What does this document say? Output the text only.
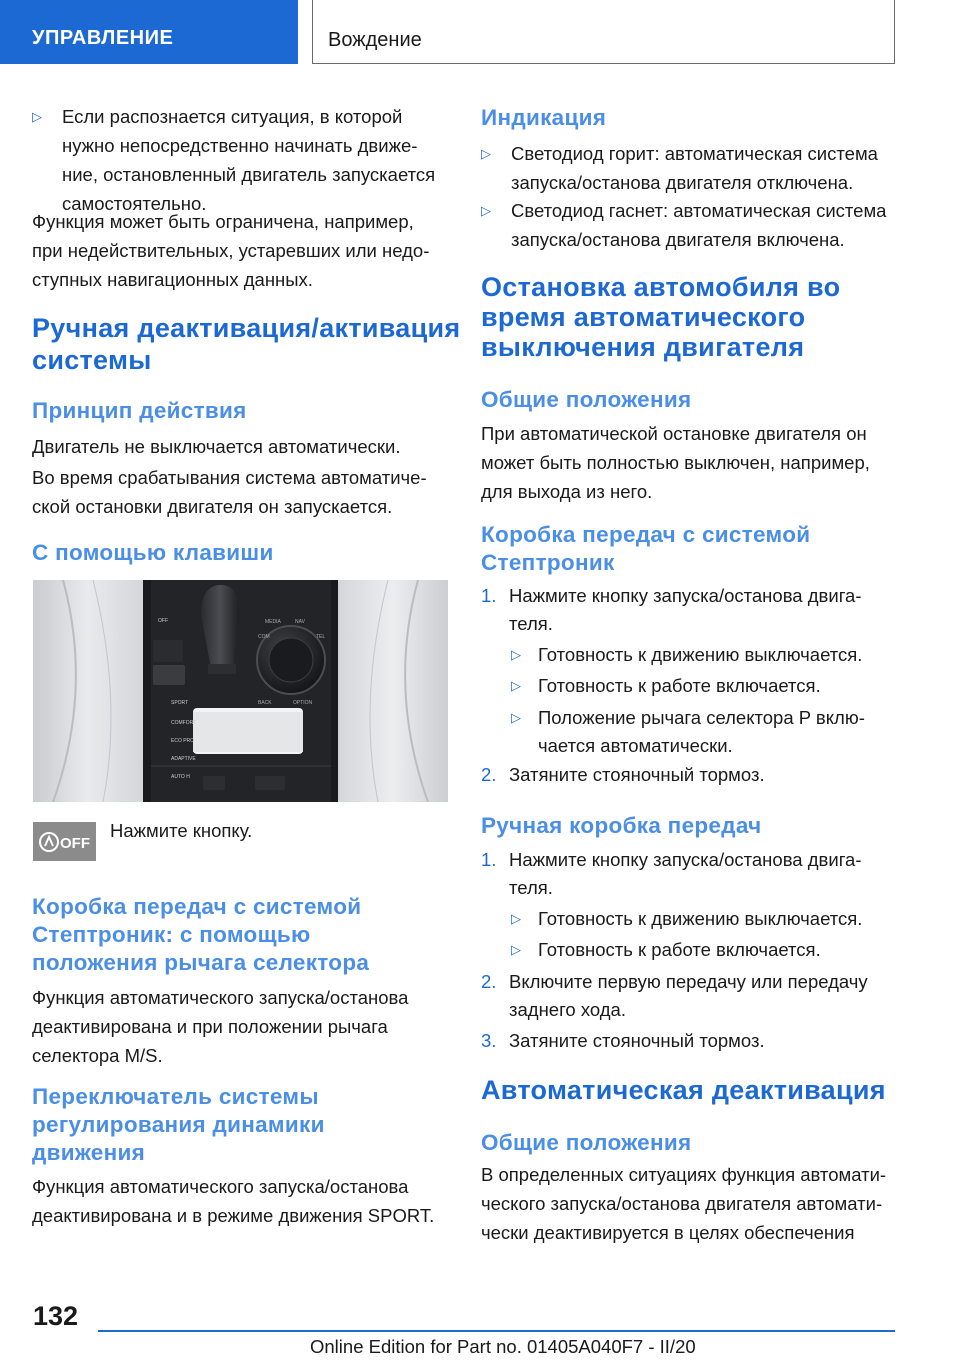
УПРАВЛЕНИЕ	Вождение
▷ Если распознается ситуация, в которой
нужно непосредственно начинать движе-
ние, остановленный двигатель запускается
самостоятельно.
Функция может быть ограничена, например,
при недействительных, устаревших или недо-
ступных навигационных данных.
Ручная деактивация/активация
системы
Принцип действия
Двигатель не выключается автоматически.
Во время срабатывания система автоматиче-
ской остановки двигателя он запускается.
С помощью клавиши
MEDIA	NAV
COM	TEL
BACK	OPTION
OFF
SPORT
COMFORT
ECO PRO
ADAPTIVE
AUTO H
OFF
Нажмите кнопку.
Коробка передач с системой
Стептроник: с помощью
положения рычага селектора
Функция автоматического запуска/останова
деактивирована и при положении рычага
селектора M/S.
Переключатель системы
регулирования динамики
движения
Функция автоматического запуска/останова
деактивирована и в режиме движения SPORT.
Индикация
▷ Светодиод горит: автоматическая система
запуска/останова двигателя отключена.
▷ Светодиод гаснет: автоматическая система
запуска/останова двигателя включена.
Остановка автомобиля во
время автоматического
выключения двигателя
Общие положения
При автоматической остановке двигателя он
может быть полностью выключен, например,
для выхода из него.
Коробка передач с системой
Стептроник
1. Нажмите кнопку запуска/останова двига-
теля.
▷ Готовность к движению выключается.
▷ Готовность к работе включается.
▷ Положение рычага селектора P вклю-
чается автоматически.
2. Затяните стояночный тормоз.
Ручная коробка передач
1. Нажмите кнопку запуска/останова двига-
теля.
▷ Готовность к движению выключается.
▷ Готовность к работе включается.
2. Включите первую передачу или передачу
заднего хода.
3. Затяните стояночный тормоз.
Автоматическая деактивация
Общие положения
В определенных ситуациях функция автомати-
ческого запуска/останова двигателя автомати-
чески деактивируется в целях обеспечения
132
Online Edition for Part no. 01405A040F7 - II/20
